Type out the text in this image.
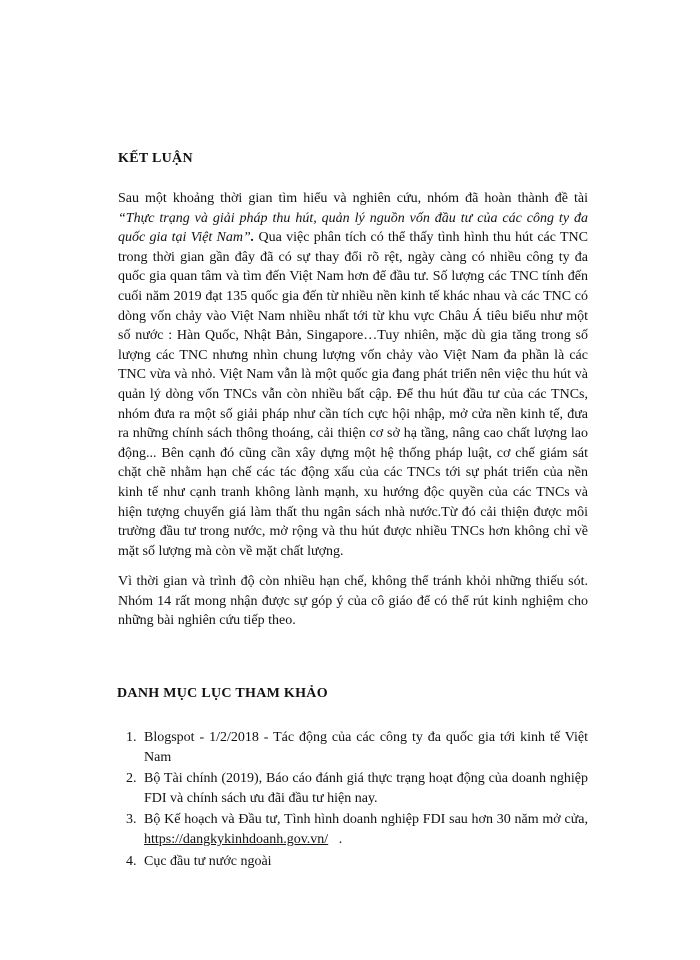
KẾT LUẬN
Sau một khoảng thời gian tìm hiểu và nghiên cứu, nhóm đã hoàn thành đề tài “Thực trạng và giải pháp thu hút, quản lý nguồn vốn đầu tư của các công ty đa quốc gia tại Việt Nam”. Qua việc phân tích có thể thấy tình hình thu hút các TNC trong thời gian gần đây đã có sự thay đổi rõ rệt, ngày càng có nhiều công ty đa quốc gia quan tâm và tìm đến Việt Nam hơn để đầu tư. Số lượng các TNC tính đến cuối năm 2019 đạt 135 quốc gia đến từ nhiều nền kinh tế khác nhau và các TNC có dòng vốn chảy vào Việt Nam nhiều nhất tới từ khu vực Châu Á tiêu biểu như một số nước : Hàn Quốc, Nhật Bản, Singapore…Tuy nhiên, mặc dù gia tăng trong số lượng các TNC nhưng nhìn chung lượng vốn chảy vào Việt Nam đa phần là các TNC vừa và nhỏ. Việt Nam vẫn là một quốc gia đang phát triển nên việc thu hút và quản lý dòng vốn TNCs vẫn còn nhiều bất cập. Để thu hút đầu tư của các TNCs, nhóm đưa ra một số giải pháp như cần tích cực hội nhập, mở cửa nền kinh tế, đưa ra những chính sách thông thoáng, cải thiện cơ sở hạ tầng, nâng cao chất lượng lao động... Bên cạnh đó cũng cần xây dựng một hệ thống pháp luật, cơ chế giám sát chặt chẽ nhằm hạn chế các tác động xấu của các TNCs tới sự phát triển của nền kinh tế như cạnh tranh không lành mạnh, xu hướng độc quyền của các TNCs và hiện tượng chuyển giá làm thất thu ngân sách nhà nước.Từ đó cải thiện được môi trường đầu tư trong nước, mở rộng và thu hút được nhiều TNCs hơn không chỉ về mặt số lượng mà còn về mặt chất lượng.
Vì thời gian và trình độ còn nhiều hạn chế, không thể tránh khỏi những thiếu sót. Nhóm 14 rất mong nhận được sự góp ý của cô giáo để có thể rút kinh nghiệm cho những bài nghiên cứu tiếp theo.
DANH MỤC LỤC THAM KHẢO
1. Blogspot - 1/2/2018 - Tác động của các công ty đa quốc gia tới kinh tế Việt Nam
2. Bộ Tài chính (2019), Báo cáo đánh giá thực trạng hoạt động của doanh nghiệp FDI và chính sách ưu đãi đầu tư hiện nay.
3. Bộ Kế hoạch và Đầu tư, Tình hình doanh nghiệp FDI sau hơn 30 năm mở cửa, https://dangkykinhdoanh.gov.vn/   .
4. Cục đầu tư nước ngoài
